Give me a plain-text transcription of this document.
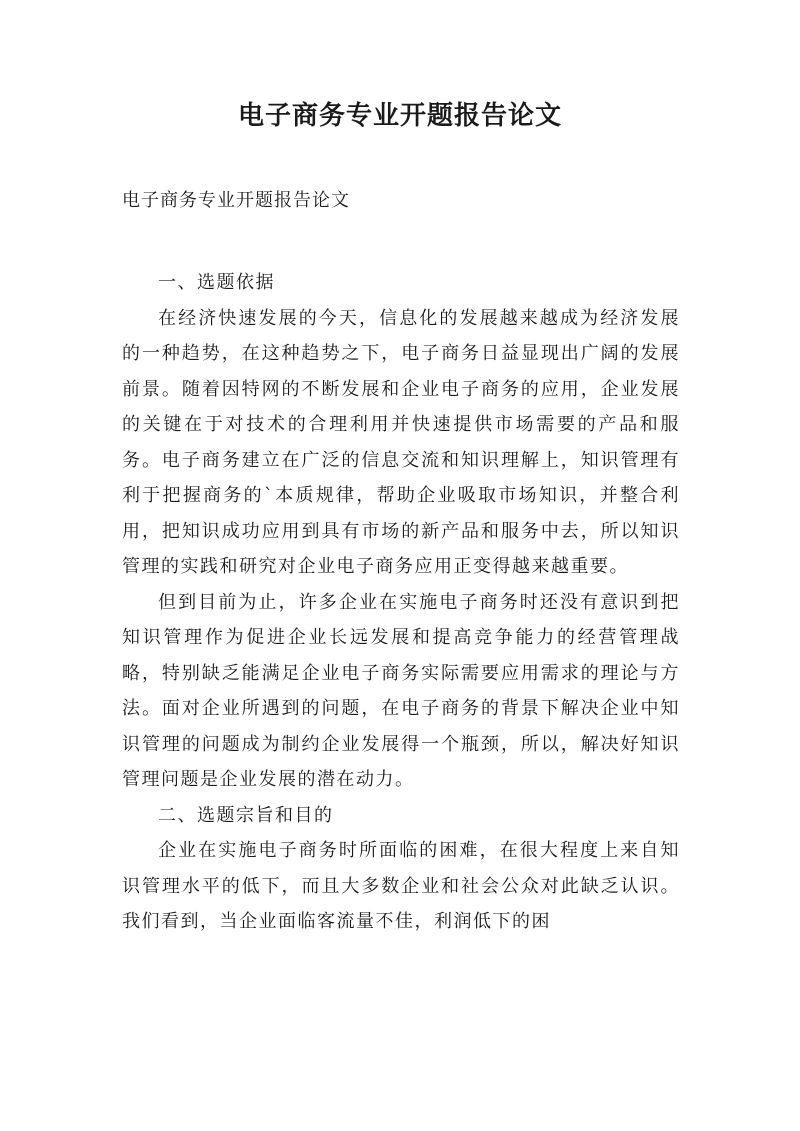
电子商务专业开题报告论文

电子商务专业开题报告论文

一、选题依据

在经济快速发展的今天，信息化的发展越来越成为经济发展的一种趋势，在这种趋势之下，电子商务日益显现出广阔的发展前景。随着因特网的不断发展和企业电子商务的应用，企业发展的关键在于对技术的合理利用并快速提供市场需要的产品和服务。电子商务建立在广泛的信息交流和知识理解上，知识管理有利于把握商务的`本质规律，帮助企业吸取市场知识，并整合利用，把知识成功应用到具有市场的新产品和服务中去，所以知识管理的实践和研究对企业电子商务应用正变得越来越重要。

但到目前为止，许多企业在实施电子商务时还没有意识到把知识管理作为促进企业长远发展和提高竞争能力的经营管理战略，特别缺乏能满足企业电子商务实际需要应用需求的理论与方法。面对企业所遇到的问题，在电子商务的背景下解决企业中知识管理的问题成为制约企业发展得一个瓶颈，所以，解决好知识管理问题是企业发展的潜在动力。

二、选题宗旨和目的

企业在实施电子商务时所面临的困难，在很大程度上来自知识管理水平的低下，而且大多数企业和社会公众对此缺乏认识。我们看到，当企业面临客流量不佳，利润低下的困
